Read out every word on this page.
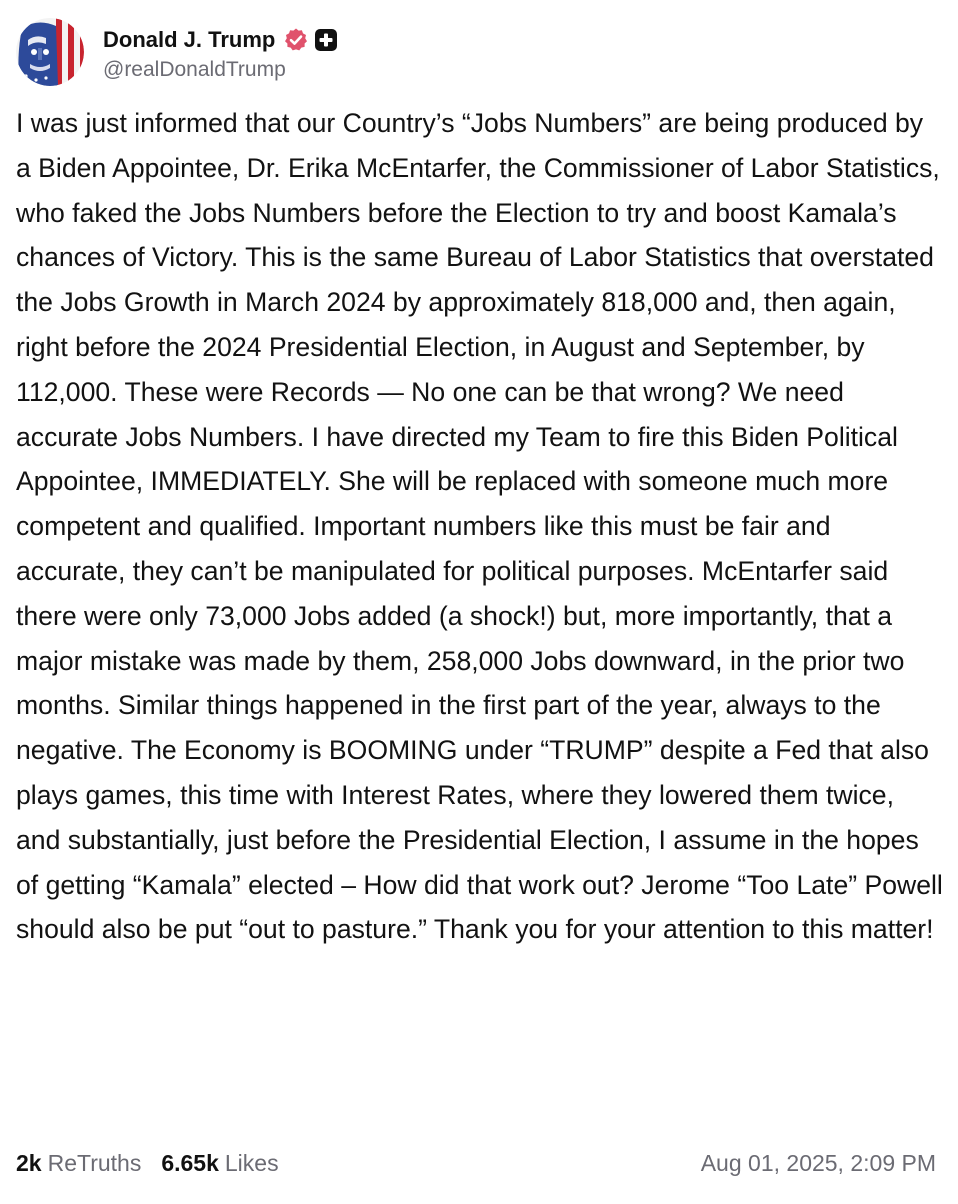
Donald J. Trump
@realDonaldTrump

I was just informed that our Country’s “Jobs Numbers” are being produced by a Biden Appointee, Dr. Erika McEntarfer, the Commissioner of Labor Statistics, who faked the Jobs Numbers before the Election to try and boost Kamala’s chances of Victory. This is the same Bureau of Labor Statistics that overstated the Jobs Growth in March 2024 by approximately 818,000 and, then again, right before the 2024 Presidential Election, in August and September, by 112,000. These were Records — No one can be that wrong? We need accurate Jobs Numbers. I have directed my Team to fire this Biden Political Appointee, IMMEDIATELY. She will be replaced with someone much more competent and qualified. Important numbers like this must be fair and accurate, they can’t be manipulated for political purposes. McEntarfer said there were only 73,000 Jobs added (a shock!) but, more importantly, that a major mistake was made by them, 258,000 Jobs downward, in the prior two months. Similar things happened in the first part of the year, always to the negative. The Economy is BOOMING under “TRUMP” despite a Fed that also plays games, this time with Interest Rates, where they lowered them twice, and substantially, just before the Presidential Election, I assume in the hopes of getting “Kamala” elected – How did that work out? Jerome “Too Late” Powell should also be put “out to pasture.” Thank you for your attention to this matter!

2k ReTruths 6.65k Likes	Aug 01, 2025, 2:09 PM
